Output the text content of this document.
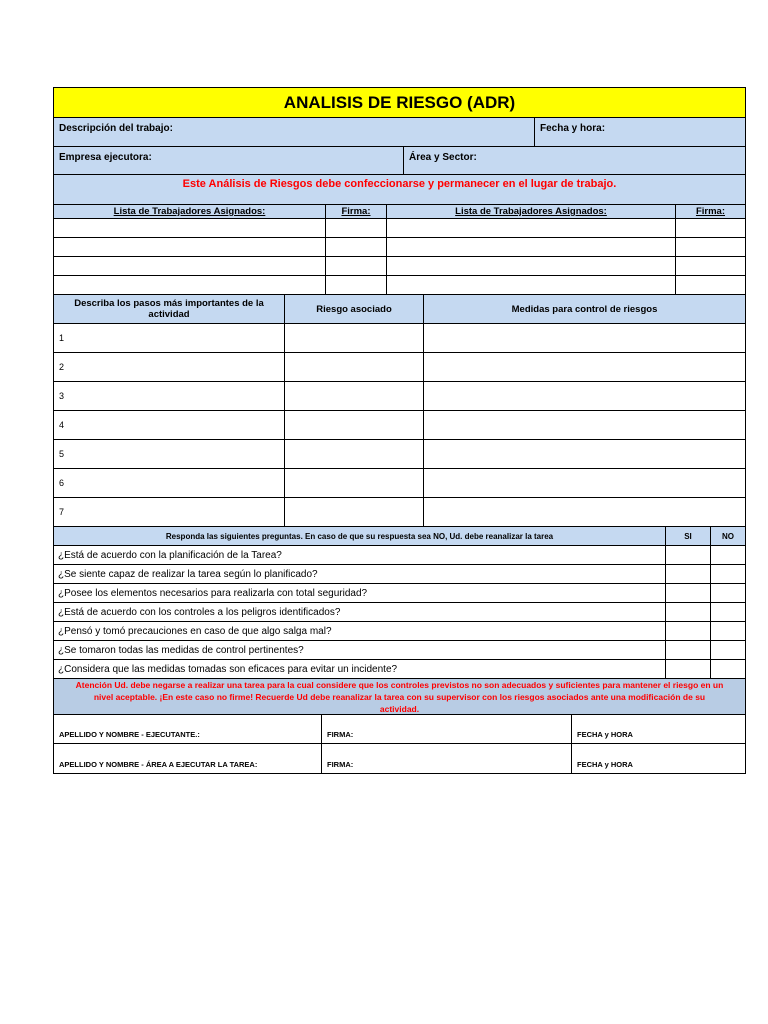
ANALISIS DE RIESGO (ADR)
Descripción del trabajo:	Fecha y hora:
Empresa ejecutora:	Área y Sector:
Este Análisis de Riesgos debe confeccionarse y permanecer en el lugar de trabajo.
Lista de Trabajadores Asignados:	Firma:	Lista de Trabajadores Asignados:	Firma:
Describa los pasos más importantes de la actividad	Riesgo asociado	Medidas para control de riesgos
1
2
3
4
5
6
7
Responda las siguientes preguntas. En caso de que su respuesta sea NO, Ud. debe reanalizar la tarea	SI	NO
¿Está de acuerdo con la planificación de la Tarea?
¿Se siente capaz de realizar la tarea según lo planificado?
¿Posee los elementos necesarios para realizarla con total seguridad?
¿Está de acuerdo con los controles a los peligros identificados?
¿Pensó y tomó precauciones en caso de que algo salga mal?
¿Se tomaron todas las medidas de control pertinentes?
¿Considera que las medidas tomadas son eficaces para evitar un incidente?
Atención Ud. debe negarse a realizar una tarea para la cual considere que los controles previstos no son adecuados y suficientes para mantener el riesgo en un nivel aceptable. ¡En este caso no firme! Recuerde Ud debe reanalizar la tarea con su supervisor con los riesgos asociados ante una modificación de su actividad.
APELLIDO Y NOMBRE - EJECUTANTE.:	FIRMA:	FECHA y HORA
APELLIDO Y NOMBRE - ÁREA A EJECUTAR LA TAREA:	FIRMA:	FECHA y HORA
